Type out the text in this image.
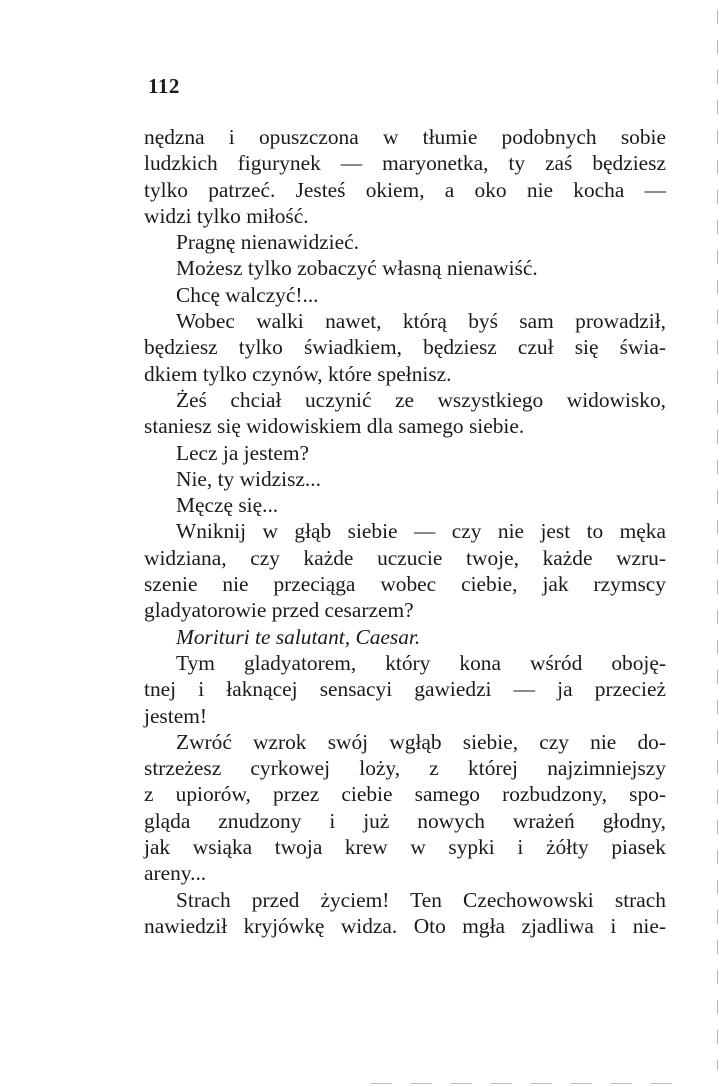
112
nędzna i opuszczona w tłumie podobnych sobie
ludzkich figurynek — maryonetka, ty zaś będziesz
tylko patrzeć. Jesteś okiem, a oko nie kocha —
widzi tylko miłość.
Pragnę nienawidzieć.
Możesz tylko zobaczyć własną nienawiść.
Chcę walczyć!...
Wobec walki nawet, którą byś sam prowadził,
będziesz tylko świadkiem, będziesz czuł się świa-
dkiem tylko czynów, które spełnisz.
Żeś chciał uczynić ze wszystkiego widowisko,
staniesz się widowiskiem dla samego siebie.
Lecz ja jestem?
Nie, ty widzisz...
Męczę się...
Wniknij w głąb siebie — czy nie jest to męka
widziana, czy każde uczucie twoje, każde wzru-
szenie nie przeciąga wobec ciebie, jak rzymscy
gladyatorowie przed cesarzem?
Morituri te salutant, Caesar.
Tym gladyatorem, który kona wśród oboję-
tnej i łaknącej sensacyi gawiedzi — ja przecież
jestem!
Zwróć wzrok swój wgłąb siebie, czy nie do-
strzeżesz cyrkowej loży, z której najzimniejszy
z upiorów, przez ciebie samego rozbudzony, spo-
gląda znudzony i już nowych wrażeń głodny,
jak wsiąka twoja krew w sypki i żółty piasek
areny...
Strach przed życiem! Ten Czechowowski strach
nawiedził kryjówkę widza. Oto mgła zjadliwa i nie-
